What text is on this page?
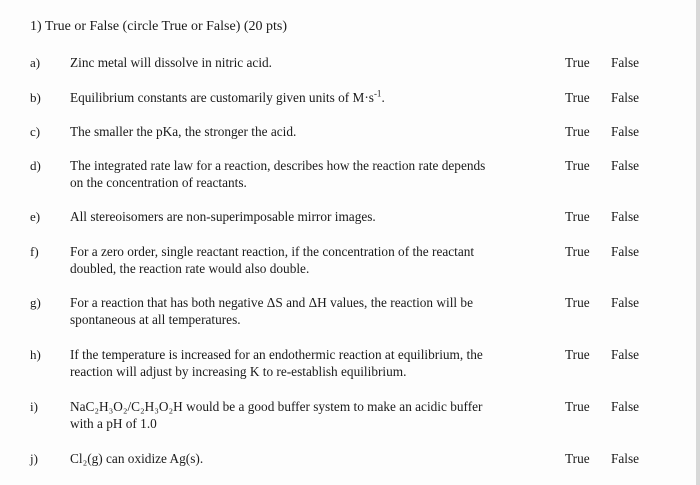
1) True or False (circle True or False) (20 pts)
a) Zinc metal will dissolve in nitric acid.	True False
b) Equilibrium constants are customarily given units of $M\cdot s^{-1}$.	True False
c) The smaller the pKa, the stronger the acid.	True False
d) The integrated rate law for a reaction, describes how the reaction rate depends
on the concentration of reactants.
True False
e) All stereoisomers are non-superimposable mirror images.	True False
f) For a zero order, single reactant reaction, if the concentration of the reactant
doubled, the reaction rate would also double.
True False
g) For a reaction that has both negative ΔS and ΔH values, the reaction will be
spontaneous at all temperatures.
True False
h) If the temperature is increased for an endothermic reaction at equilibrium, the
reaction will adjust by increasing K to re-establish equilibrium.
True False
i) NaC₂H₃O₂/C₂H₃O₂H would be a good buffer system to make an acidic buffer
with a pH of 1.0
True False
j) Cl₂(g) can oxidize Ag(s).	True False
